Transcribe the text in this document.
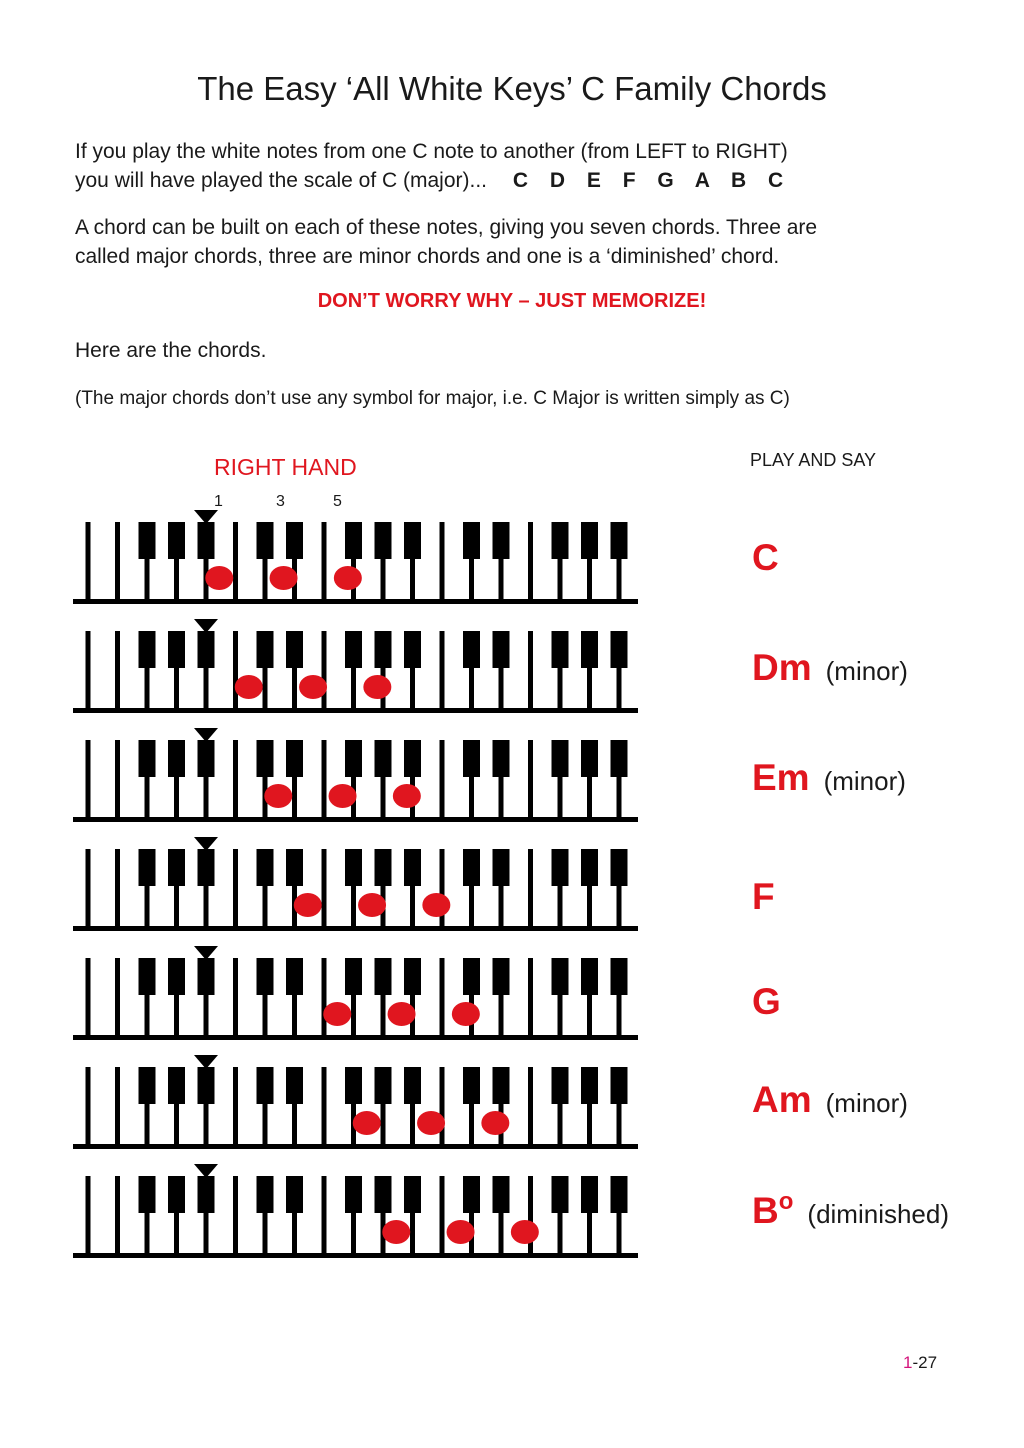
The Easy ‘All White Keys’ C Family Chords
If you play the white notes from one C note to another (from LEFT to RIGHT)
you will have played the scale of C (major)... C D E F G A B C
A chord can be built on each of these notes, giving you seven chords. Three are
called major chords, three are minor chords and one is a ‘diminished’ chord.
DON’T WORRY WHY – JUST MEMORIZE!
Here are the chords.
(The major chords don’t use any symbol for major, i.e. C Major is written simply as C)
RIGHT HAND	PLAY AND SAY
1	3	5
C
Dm (minor)
Em (minor)
F
G
Am (minor)
$B^o$ (diminished)
1-27
